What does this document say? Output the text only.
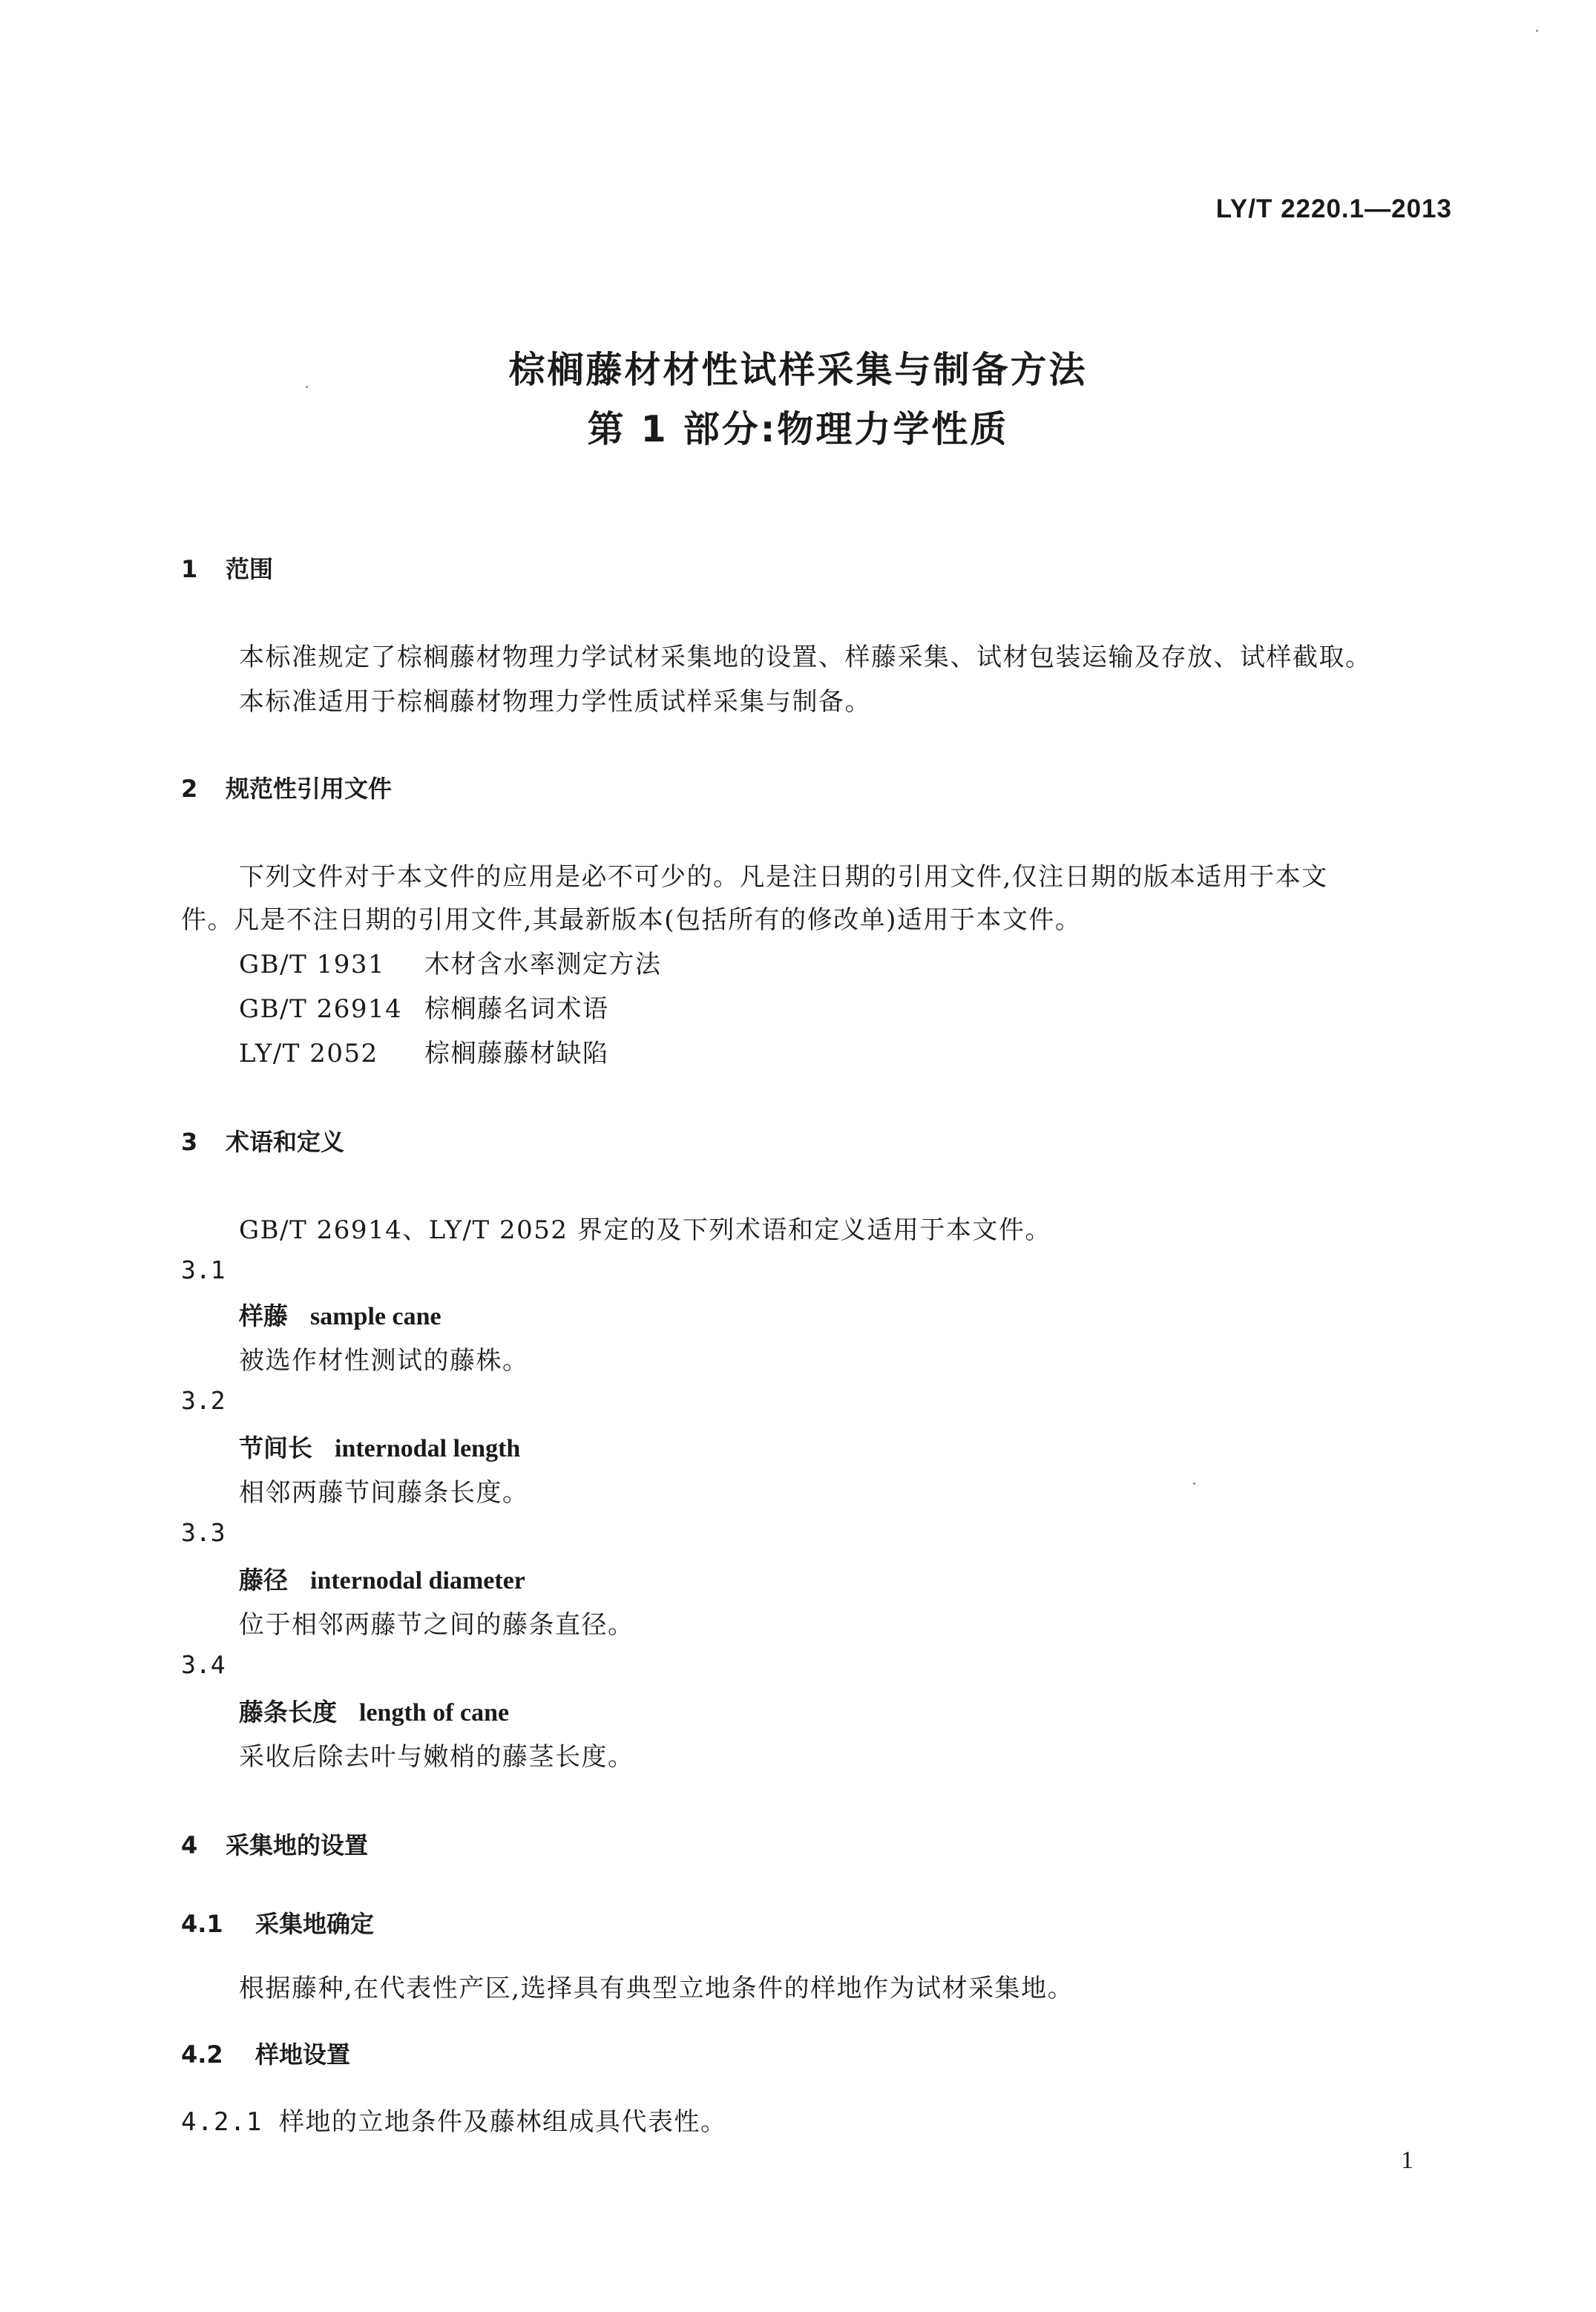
LY/T 2220.1—2013
棕榈藤材材性试样采集与制备方法
第 1 部分:物理力学性质
1 范围
本标准规定了棕榈藤材物理力学试材采集地的设置、样藤采集、试材包装运输及存放、试样截取。
本标准适用于棕榈藤材物理力学性质试样采集与制备。
2 规范性引用文件
下列文件对于本文件的应用是必不可少的。凡是注日期的引用文件,仅注日期的版本适用于本文
件。凡是不注日期的引用文件,其最新版本(包括所有的修改单)适用于本文件。
GB/T 1931 木材含水率测定方法
GB/T 26914 棕榈藤名词术语
LY/T 2052 棕榈藤藤材缺陷
3 术语和定义
GB/T 26914、LY/T 2052 界定的及下列术语和定义适用于本文件。
3.1
样藤 sample cane
被选作材性测试的藤株。
3.2
节间长 internodal length
相邻两藤节间藤条长度。
3.3
藤径 internodal diameter
位于相邻两藤节之间的藤条直径。
3.4
藤条长度 length of cane
采收后除去叶与嫩梢的藤茎长度。
4 采集地的设置
4.1 采集地确定
根据藤种,在代表性产区,选择具有典型立地条件的样地作为试材采集地。
4.2 样地设置
4.2.1 样地的立地条件及藤林组成具代表性。
1
